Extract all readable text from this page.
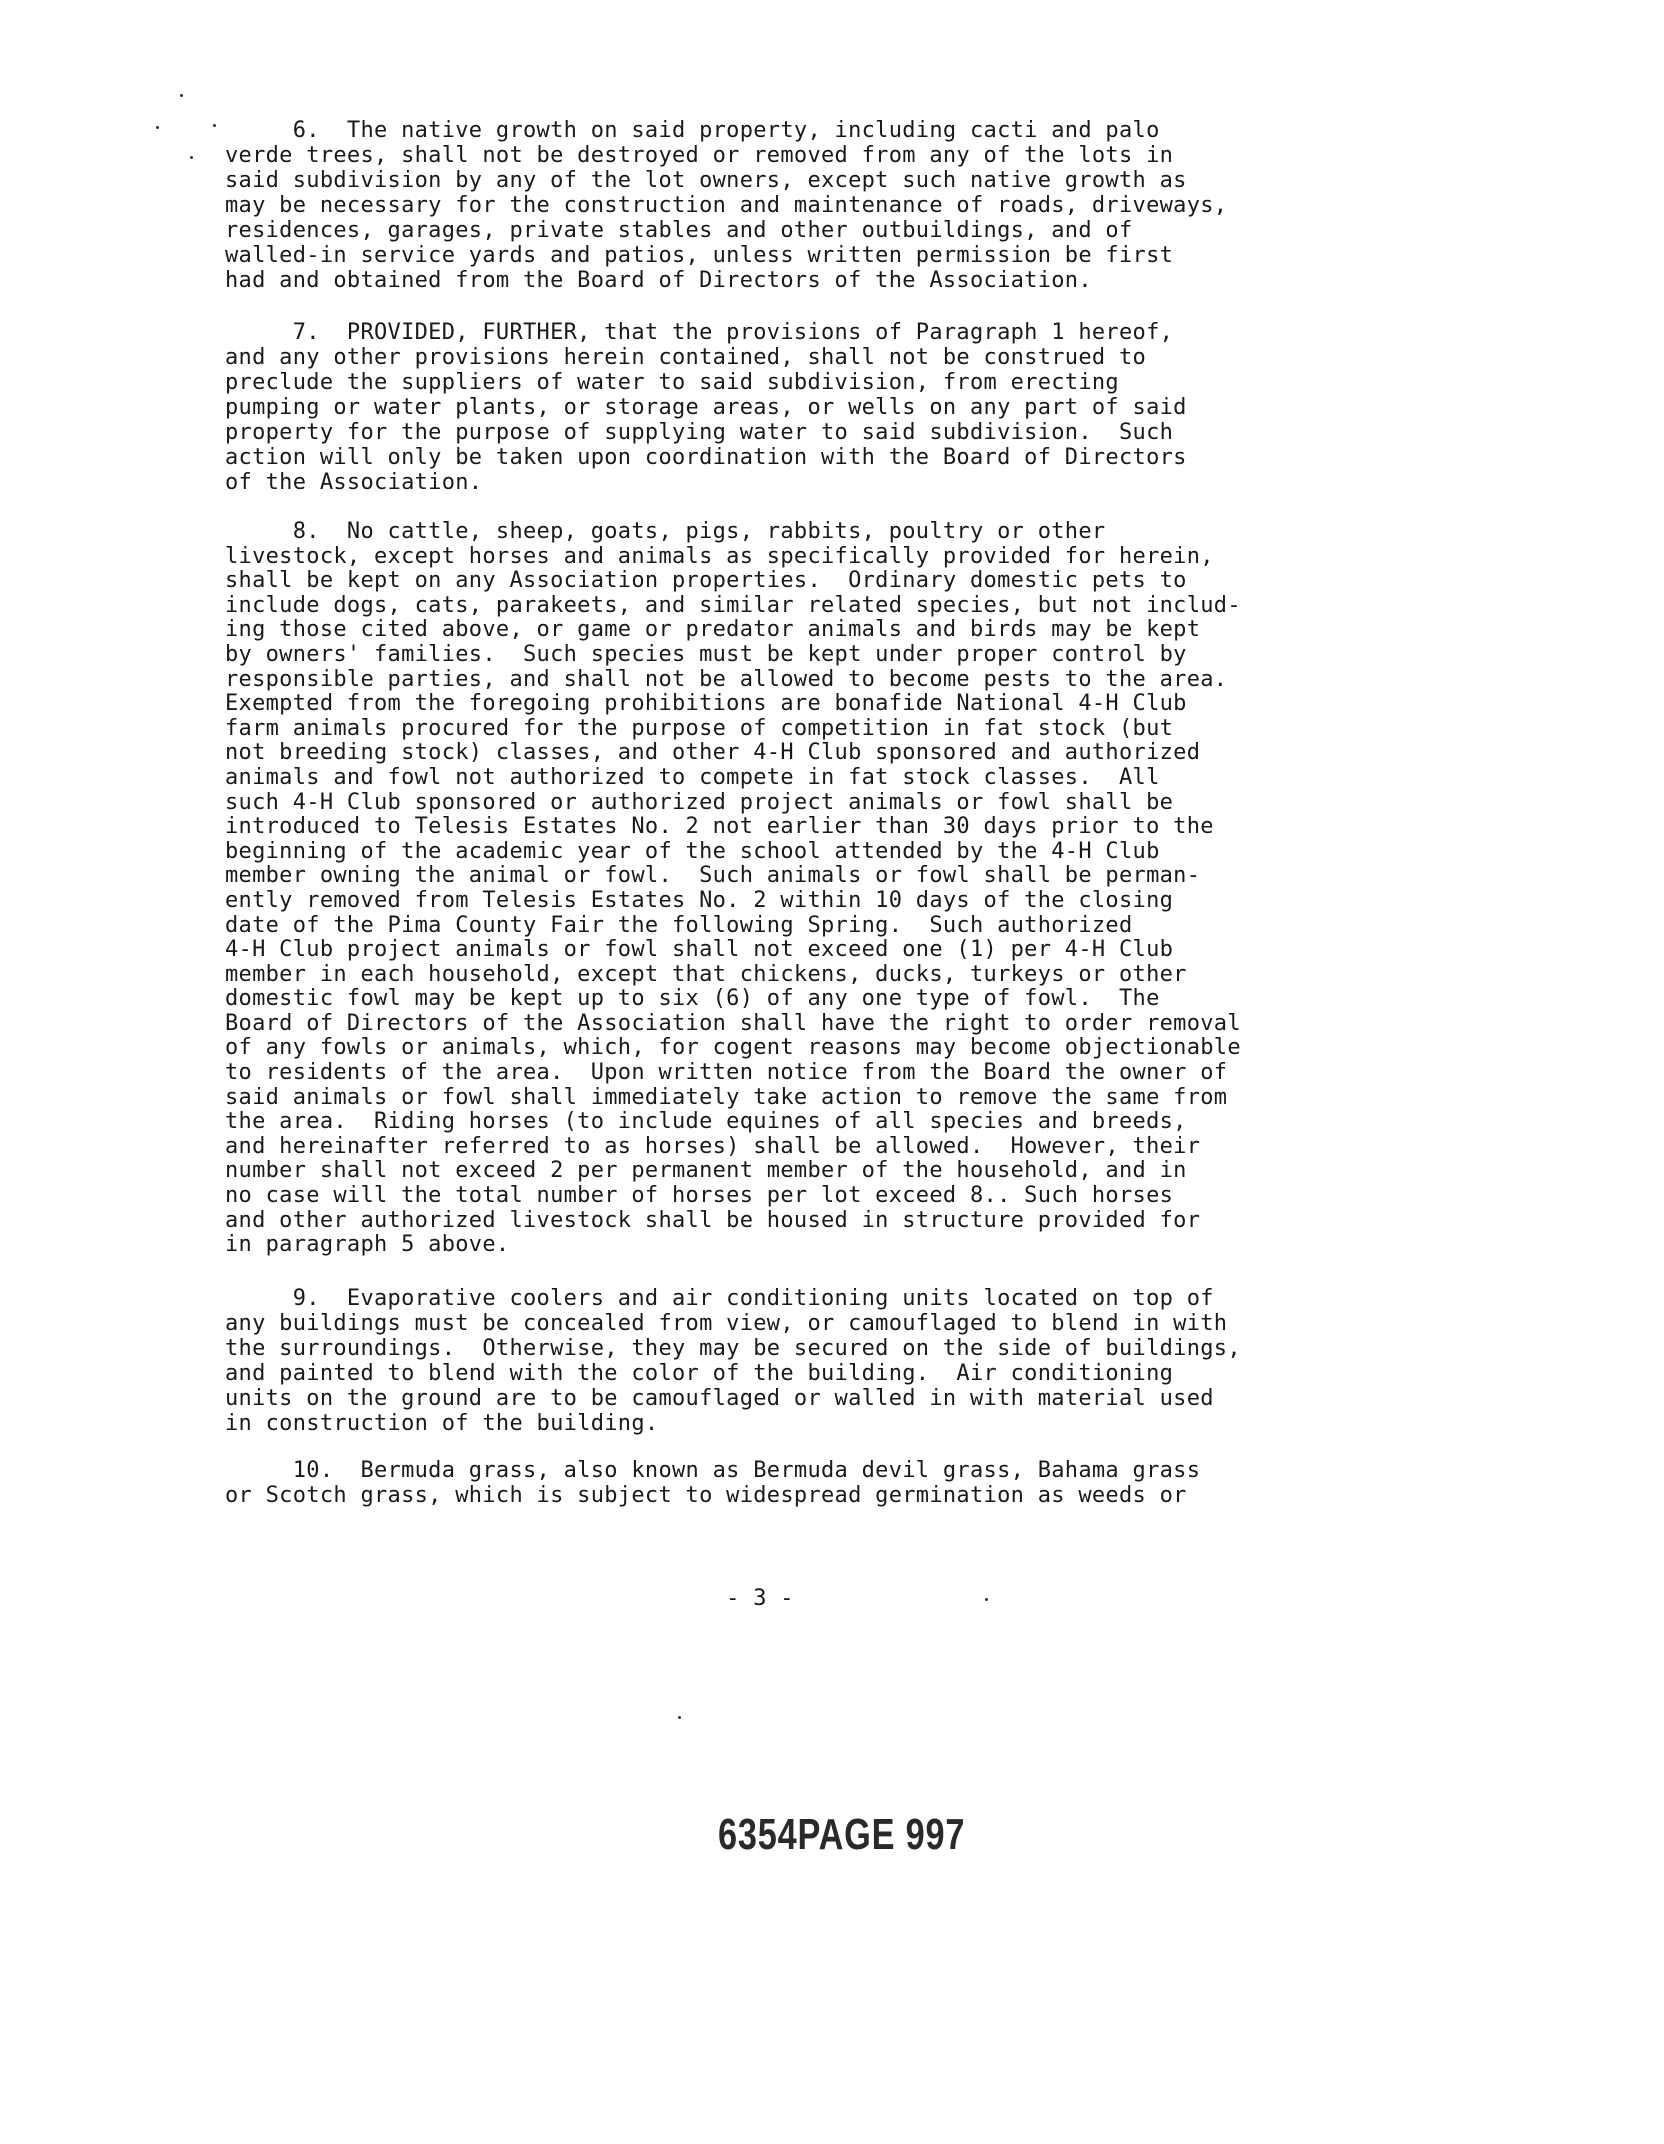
6.  The native growth on said property, including cacti and palo
verde trees, shall not be destroyed or removed from any of the lots in
said subdivision by any of the lot owners, except such native growth as
may be necessary for the construction and maintenance of roads, driveways,
residences, garages, private stables and other outbuildings, and of
walled-in service yards and patios, unless written permission be first
had and obtained from the Board of Directors of the Association.
7.  PROVIDED, FURTHER, that the provisions of Paragraph 1 hereof,
and any other provisions herein contained, shall not be construed to
preclude the suppliers of water to said subdivision, from erecting
pumping or water plants, or storage areas, or wells on any part of said
property for the purpose of supplying water to said subdivision.  Such
action will only be taken upon coordination with the Board of Directors
of the Association.
8.  No cattle, sheep, goats, pigs, rabbits, poultry or other
livestock, except horses and animals as specifically provided for herein,
shall be kept on any Association properties.  Ordinary domestic pets to
include dogs, cats, parakeets, and similar related species, but not includ-
ing those cited above, or game or predator animals and birds may be kept
by owners' families.  Such species must be kept under proper control by
responsible parties, and shall not be allowed to become pests to the area.
Exempted from the foregoing prohibitions are bonafide National 4-H Club
farm animals procured for the purpose of competition in fat stock (but
not breeding stock) classes, and other 4-H Club sponsored and authorized
animals and fowl not authorized to compete in fat stock classes.  All
such 4-H Club sponsored or authorized project animals or fowl shall be
introduced to Telesis Estates No. 2 not earlier than 30 days prior to the
beginning of the academic year of the school attended by the 4-H Club
member owning the animal or fowl.  Such animals or fowl shall be perman-
ently removed from Telesis Estates No. 2 within 10 days of the closing
date of the Pima County Fair the following Spring.  Such authorized
4-H Club project animals or fowl shall not exceed one (1) per 4-H Club
member in each household, except that chickens, ducks, turkeys or other
domestic fowl may be kept up to six (6) of any one type of fowl.  The
Board of Directors of the Association shall have the right to order removal
of any fowls or animals, which, for cogent reasons may become objectionable
to residents of the area.  Upon written notice from the Board the owner of
said animals or fowl shall immediately take action to remove the same from
the area.  Riding horses (to include equines of all species and breeds,
and hereinafter referred to as horses) shall be allowed.  However, their
number shall not exceed 2 per permanent member of the household, and in
no case will the total number of horses per lot exceed 8.. Such horses
and other authorized livestock shall be housed in structure provided for
in paragraph 5 above.
9.  Evaporative coolers and air conditioning units located on top of
any buildings must be concealed from view, or camouflaged to blend in with
the surroundings.  Otherwise, they may be secured on the side of buildings,
and painted to blend with the color of the building.  Air conditioning
units on the ground are to be camouflaged or walled in with material used
in construction of the building.
10.  Bermuda grass, also known as Bermuda devil grass, Bahama grass
or Scotch grass, which is subject to widespread germination as weeds or
- 3 -
6354PAGE 997
